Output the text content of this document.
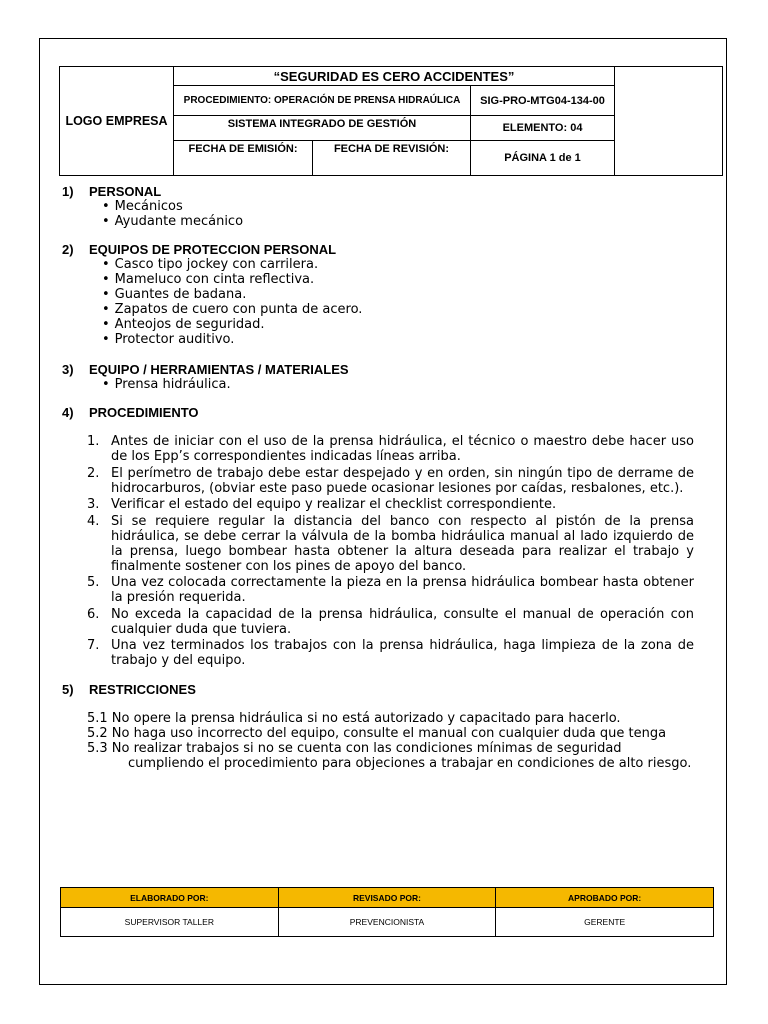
LOGO EMPRESA	“SEGURIDAD ES CERO ACCIDENTES”			
	PROCEDIMIENTO: OPERACIÓN DE PRENSA HIDRAÚLICA		SIG-PRO-MTG04-134-00	
	SISTEMA INTEGRADO DE GESTIÓN		ELEMENTO: 04	
	FECHA DE EMISIÓN:	FECHA DE REVISIÓN:	PÁGINA 1 de 1	
1)	PERSONAL
• Mecánicos
• Ayudante mecánico
2)	EQUIPOS DE PROTECCION PERSONAL
• Casco tipo jockey con carrilera.
• Mameluco con cinta reflectiva.
• Guantes de badana.
• Zapatos de cuero con punta de acero.
• Anteojos de seguridad.
• Protector auditivo.
3)	EQUIPO / HERRAMIENTAS / MATERIALES
• Prensa hidráulica.
4)	PROCEDIMIENTO
1. Antes de iniciar con el uso de la prensa hidráulica, el técnico o maestro debe hacer uso de los Epp’s correspondientes indicadas líneas arriba.
2. El perímetro de trabajo debe estar despejado y en orden, sin ningún tipo de derrame de hidrocarburos, (obviar este paso puede ocasionar lesiones por caídas, resbalones, etc.).
3. Verificar el estado del equipo y realizar el checklist correspondiente.
4. Si se requiere regular la distancia del banco con respecto al pistón de la prensa hidráulica, se debe cerrar la válvula de la bomba hidráulica manual al lado izquierdo de la prensa, luego bombear hasta obtener la altura deseada para realizar el trabajo y finalmente sostener con los pines de apoyo del banco.
5. Una vez colocada correctamente la pieza en la prensa hidráulica bombear hasta obtener la presión requerida.
6. No exceda la capacidad de la prensa hidráulica, consulte el manual de operación con cualquier duda que tuviera.
7. Una vez terminados los trabajos con la prensa hidráulica, haga limpieza de la zona de trabajo y del equipo.
5)	RESTRICCIONES
5.1 No opere la prensa hidráulica si no está autorizado y capacitado para hacerlo.
5.2 No haga uso incorrecto del equipo, consulte el manual con cualquier duda que tenga
5.3 No realizar trabajos si no se cuenta con las condiciones mínimas de seguridad
cumpliendo el procedimiento para objeciones a trabajar en condiciones de alto riesgo.
ELABORADO POR:	REVISADO POR:	APROBADO POR:
SUPERVISOR TALLER	PREVENCIONISTA	GERENTE
